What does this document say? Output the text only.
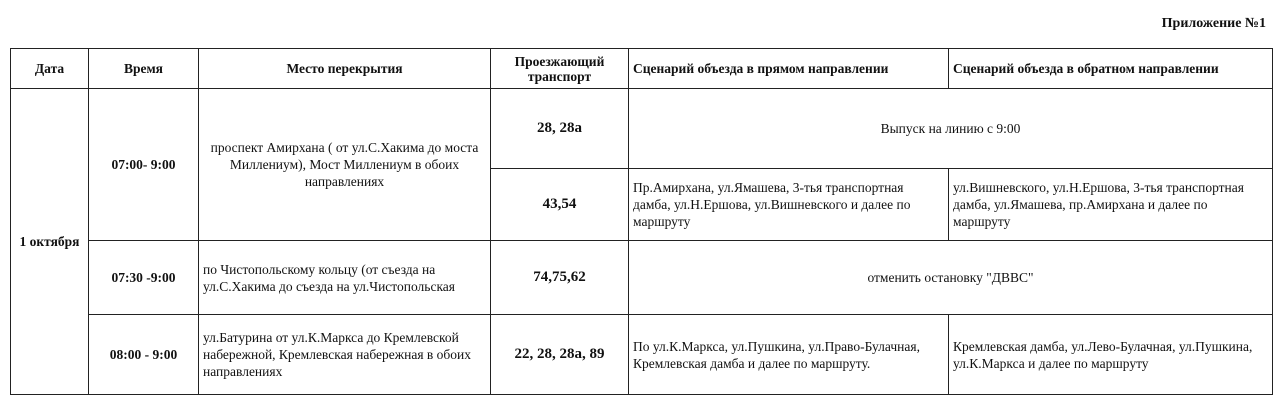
Приложение №1
Дата	Время	Место перекрытия	Проезжающий транспорт	Сценарий объезда в прямом направлении	Сценарий объезда в обратном направлении
1 октября	07:00- 9:00	проспект Амирхана ( от ул.С.Хакима до моста Миллениум), Мост Миллениум в обоих направлениях	28, 28а	Выпуск на линию с 9:00	
			43,54	Пр.Амирхана, ул.Ямашева, 3-тья транспортная дамба, ул.Н.Ершова, ул.Вишневского и далее по маршруту	ул.Вишневского, ул.Н.Ершова, 3-тья транспортная дамба, ул.Ямашева, пр.Амирхана и далее по маршруту
	07:30 -9:00	по Чистопольскому кольцу (от съезда на ул.С.Хакима до съезда на ул.Чистопольская	74,75,62	отменить остановку "ДВВС"	
	08:00 - 9:00	ул.Батурина от ул.К.Маркса до Кремлевской набережной, Кремлевская набережная в обоих направлениях	22, 28, 28а, 89	По ул.К.Маркса, ул.Пушкина, ул.Право-Булачная, Кремлевская дамба и далее по маршруту.	Кремлевская дамба, ул.Лево-Булачная, ул.Пушкина, ул.К.Маркса и далее по маршруту
